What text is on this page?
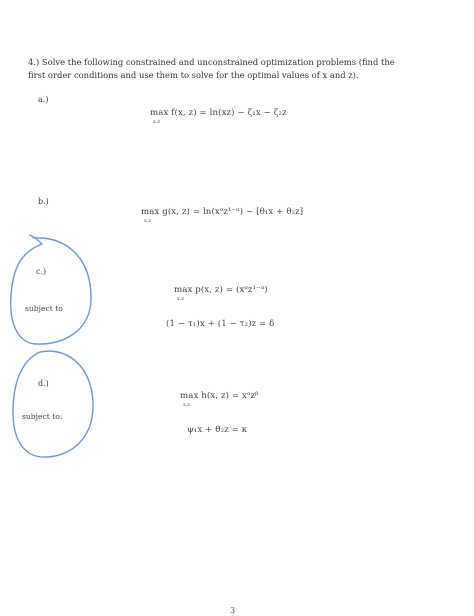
4.) Solve the following constrained and unconstrained optimization problems (find the
first order conditions and use them to solve for the optimal values of x and z).
a.)
max f(x, z) = ln(xz) − ζ₁x − ζ₂z
x,z
b.)
max g(x, z) = ln(xᵅz¹⁻ᵅ) − [θ₁x + θ₂z]
x,z
c.)
max p(x, z) = (xᵅz¹⁻ᵅ)
x,z
subject to
(1 − τ₁)x + (1 − τ₂)z = δ
d.)
max h(x, z) = xᵅzᵝ
x,z
subject to:
ψ₁x + θ₂z = κ
3
